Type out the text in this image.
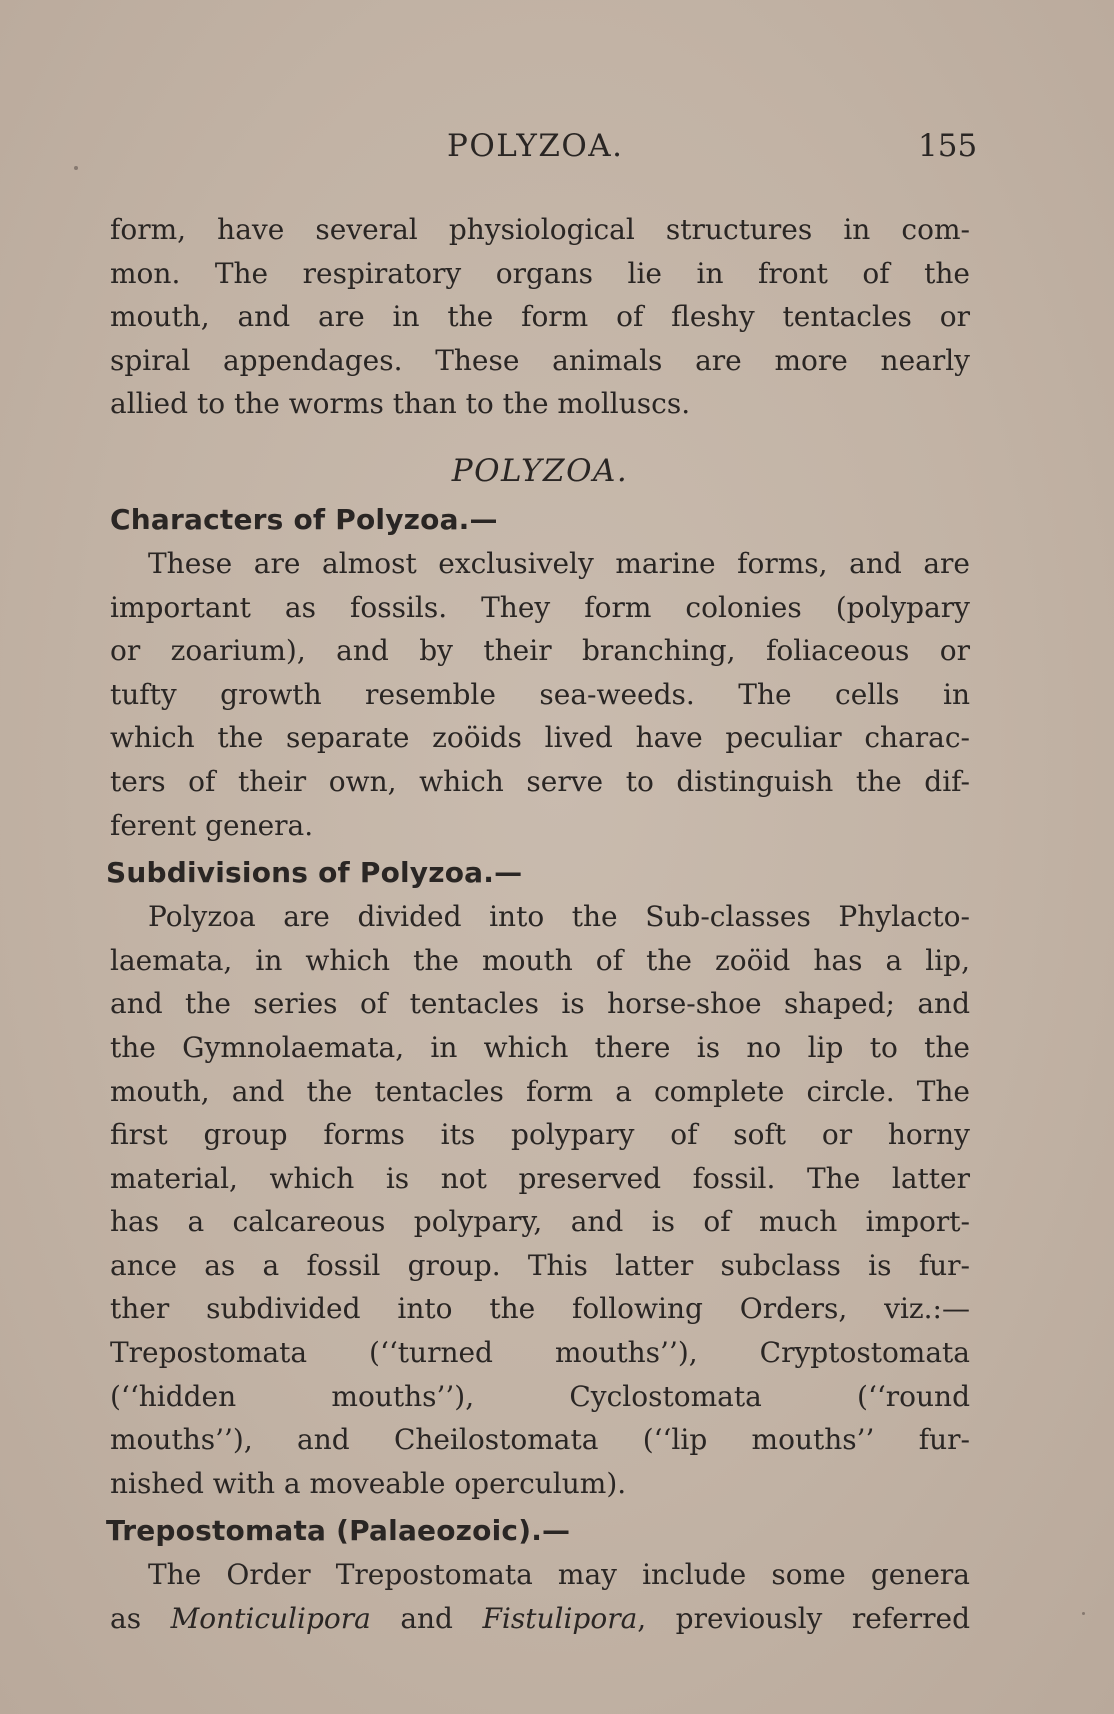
POLYZOA.	155
form, have several physiological structures in com-
mon. The respiratory organs lie in front of the
mouth, and are in the form of fleshy tentacles or
spiral appendages. These animals are more nearly
allied to the worms than to the molluscs.
POLYZOA.
Characters of Polyzoa.—
These are almost exclusively marine forms, and are
important as fossils. They form colonies (polypary
or zoarium), and by their branching, foliaceous or
tufty growth resemble sea-weeds. The cells in
which the separate zoöids lived have peculiar charac-
ters of their own, which serve to distinguish the dif-
ferent genera.
Subdivisions of Polyzoa.—
Polyzoa are divided into the Sub-classes Phylacto-
laemata, in which the mouth of the zoöid has a lip,
and the series of tentacles is horse-shoe shaped; and
the Gymnolaemata, in which there is no lip to the
mouth, and the tentacles form a complete circle. The
first group forms its polypary of soft or horny
material, which is not preserved fossil. The latter
has a calcareous polypary, and is of much import-
ance as a fossil group. This latter subclass is fur-
ther subdivided into the following Orders, viz.:—
Trepostomata (‘‘turned mouths’’), Cryptostomata
(‘‘hidden mouths’’), Cyclostomata (‘‘round
mouths’’), and Cheilostomata (‘‘lip mouths’’ fur-
nished with a moveable operculum).
Trepostomata (Palaeozoic).—
The Order Trepostomata may include some genera
as Monticulipora and Fistulipora, previously referred
